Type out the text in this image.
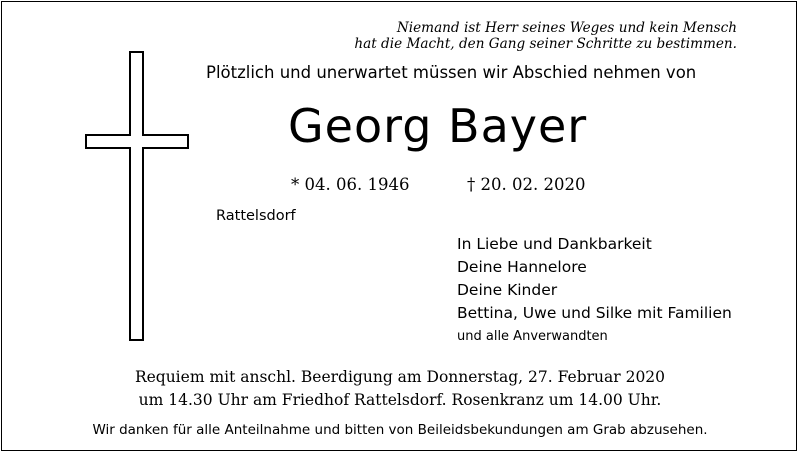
Niemand ist Herr seines Weges und kein Mensch
hat die Macht, den Gang seiner Schritte zu bestimmen.
Plötzlich und unerwartet müssen wir Abschied nehmen von
Georg Bayer
* 04. 06. 1946	† 20. 02. 2020
Rattelsdorf
In Liebe und Dankbarkeit
Deine Hannelore
Deine Kinder
Bettina, Uwe und Silke mit Familien
und alle Anverwandten
Requiem mit anschl. Beerdigung am Donnerstag, 27. Februar 2020
um 14.30 Uhr am Friedhof Rattelsdorf. Rosenkranz um 14.00 Uhr.
Wir danken für alle Anteilnahme und bitten von Beileidsbekundungen am Grab abzusehen.
